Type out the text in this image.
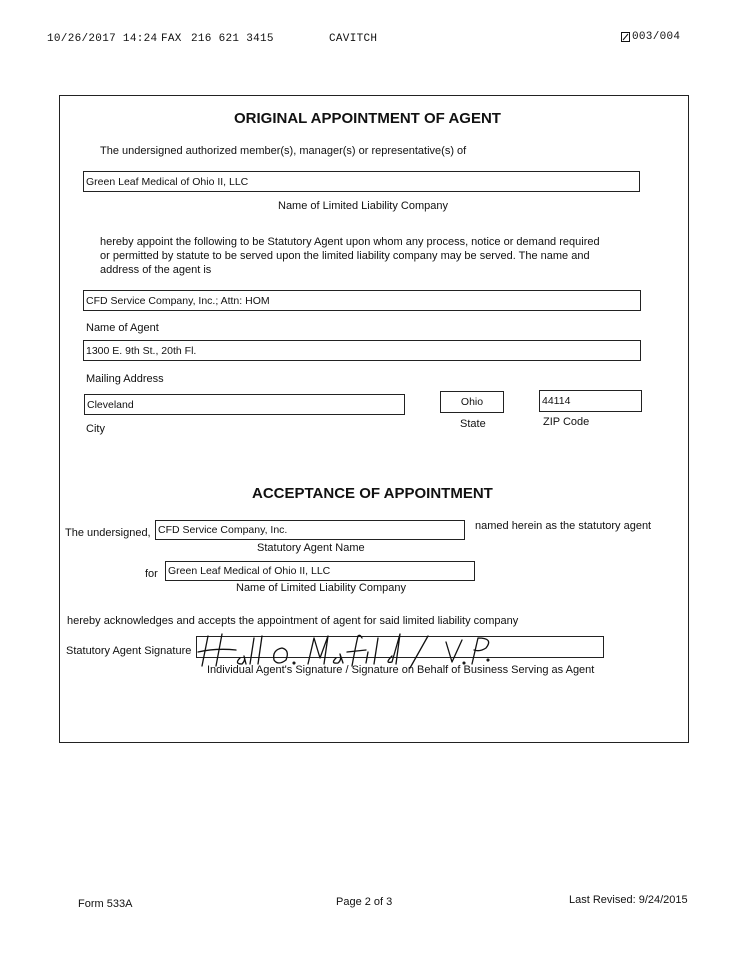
10/26/2017 14:24 FAX 216 621 3415	CAVITCH	003/004
ORIGINAL APPOINTMENT OF AGENT
The undersigned authorized member(s), manager(s) or representative(s) of
Green Leaf Medical of Ohio II, LLC
Name of Limited Liability Company
hereby appoint the following to be Statutory Agent upon whom any process, notice or demand required
or permitted by statute to be served upon the limited liability company may be served. The name and
address of the agent is
CFD Service Company, Inc.; Attn: HOM
Name of Agent
1300 E. 9th St., 20th Fl.
Mailing Address
Cleveland
City
Ohio
State
44114
ZIP Code
ACCEPTANCE OF APPOINTMENT
The undersigned, CFD Service Company, Inc.	named herein as the statutory agent
Statutory Agent Name
for Green Leaf Medical of Ohio II, LLC
Name of Limited Liability Company
hereby acknowledges and accepts the appointment of agent for said limited liability company
Statutory Agent Signature
Individual Agent's Signature / Signature on Behalf of Business Serving as Agent
Form 533A	Page 2 of 3	Last Revised: 9/24/2015
